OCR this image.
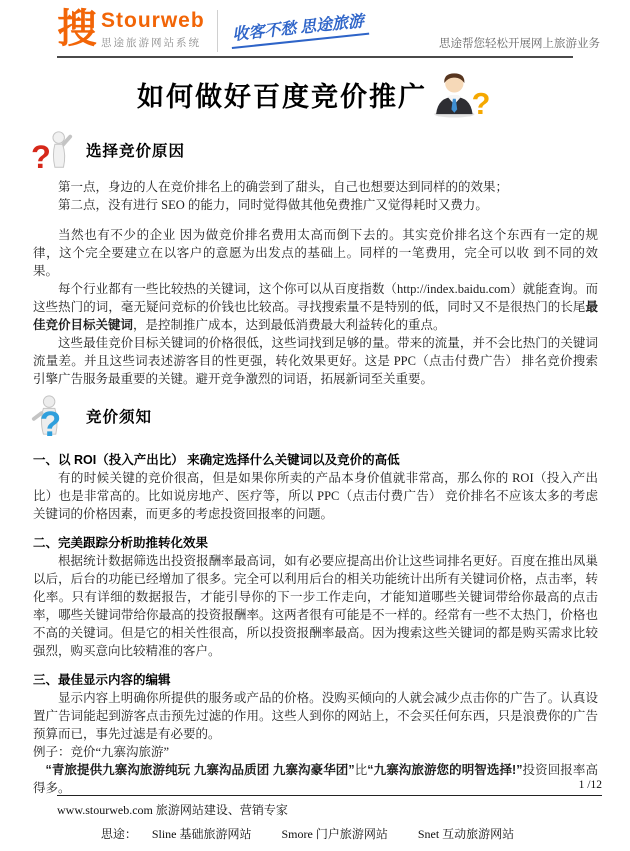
搜 Stourweb
思途旅游网站系统 收客不愁 思途旅游
思途帮您轻松开展网上旅游业务
如何做好百度竞价推广 ?
? 选择竞价原因

第一点，身边的人在竞价排名上的确尝到了甜头，自己也想要达到同样的的效果；

第二点，没有进行 SEO 的能力，同时觉得做其他免费推广又觉得耗时又费力。

当然也有不少的企业 因为做竞价排名费用太高而倒下去的。其实竞价排名这个东西有一定的规律，这个完全要建立在以客户的意愿为出发点的基础上。同样的一笔费用，完全可以收 到不同的效果。

每个行业都有一些比较热的关键词，这个你可以从百度指数（http://index.baidu.com）就能查询。而这些热门的词，毫无疑问竞标的价钱也比较高。寻找搜索量不是特别的低，同时又不是很热门的长尾最佳竞价目标关键词，是控制推广成本，达到最低消费最大利益转化的重点。

这些最佳竞价目标关键词的价格很低，这些词找到足够的量。带来的流量，并不会比热门的关键词流量差。并且这些词表述游客目的性更强，转化效果更好。这是 PPC（点击付费广告） 排名竞价搜索引擎广告服务最重要的关键。避开竞争激烈的词语，拓展新词至关重要。

? 竞价须知

一、以 ROI（投入产出比） 来确定选择什么关键词以及竞价的高低

有的时候关键的竞价很高，但是如果你所卖的产品本身价值就非常高，那么你的 ROI（投入产出比）也是非常高的。比如说房地产、医疗等，所以 PPC（点击付费广告） 竞价排名不应该太多的考虑 关键词的价格因素，而更多的考虑投资回报率的问题。

二、完美跟踪分析助推转化效果

根据统计数据筛选出投资报酬率最高词，如有必要应提高出价让这些词排名更好。百度在推出凤巢以后，后台的功能已经增加了很多。完全可以利用后台的相关功能统计出所有关键词价格，点击率，转化率。只有详细的数据报告，才能引导你的下一步工作走向，才能知道哪些关键词带给你最高的点击率，哪些关键词带给你最高的投资报酬率。这两者很有可能是不一样的。经常有一些不太热门，价格也不高的关键词。但是它的相关性很高，所以投资报酬率最高。因为搜索这些关键词的都是购买需求比较强烈，购买意向比较精准的客户。

三、最佳显示内容的编辑

显示内容上明确你所提供的服务或产品的价格。没购买倾向的人就会减少点击你的广告了。认真设置广告词能起到游客点击预先过滤的作用。这些人到你的网站上，不会买任何东西，只是浪费你的广告预算而已，事先过滤是有必要的。

例子：竞价“九寨沟旅游”

“青旅提供九寨沟旅游纯玩 九寨沟品质团 九寨沟豪华团”比“九寨沟旅游您的明智选择!”投资回报率高得多。	1 /12
www.stourweb.com 旅游网站建设、营销专家
思途： Sline 基础旅游网站	Smore 门户旅游网站	Snet 互动旅游网站
